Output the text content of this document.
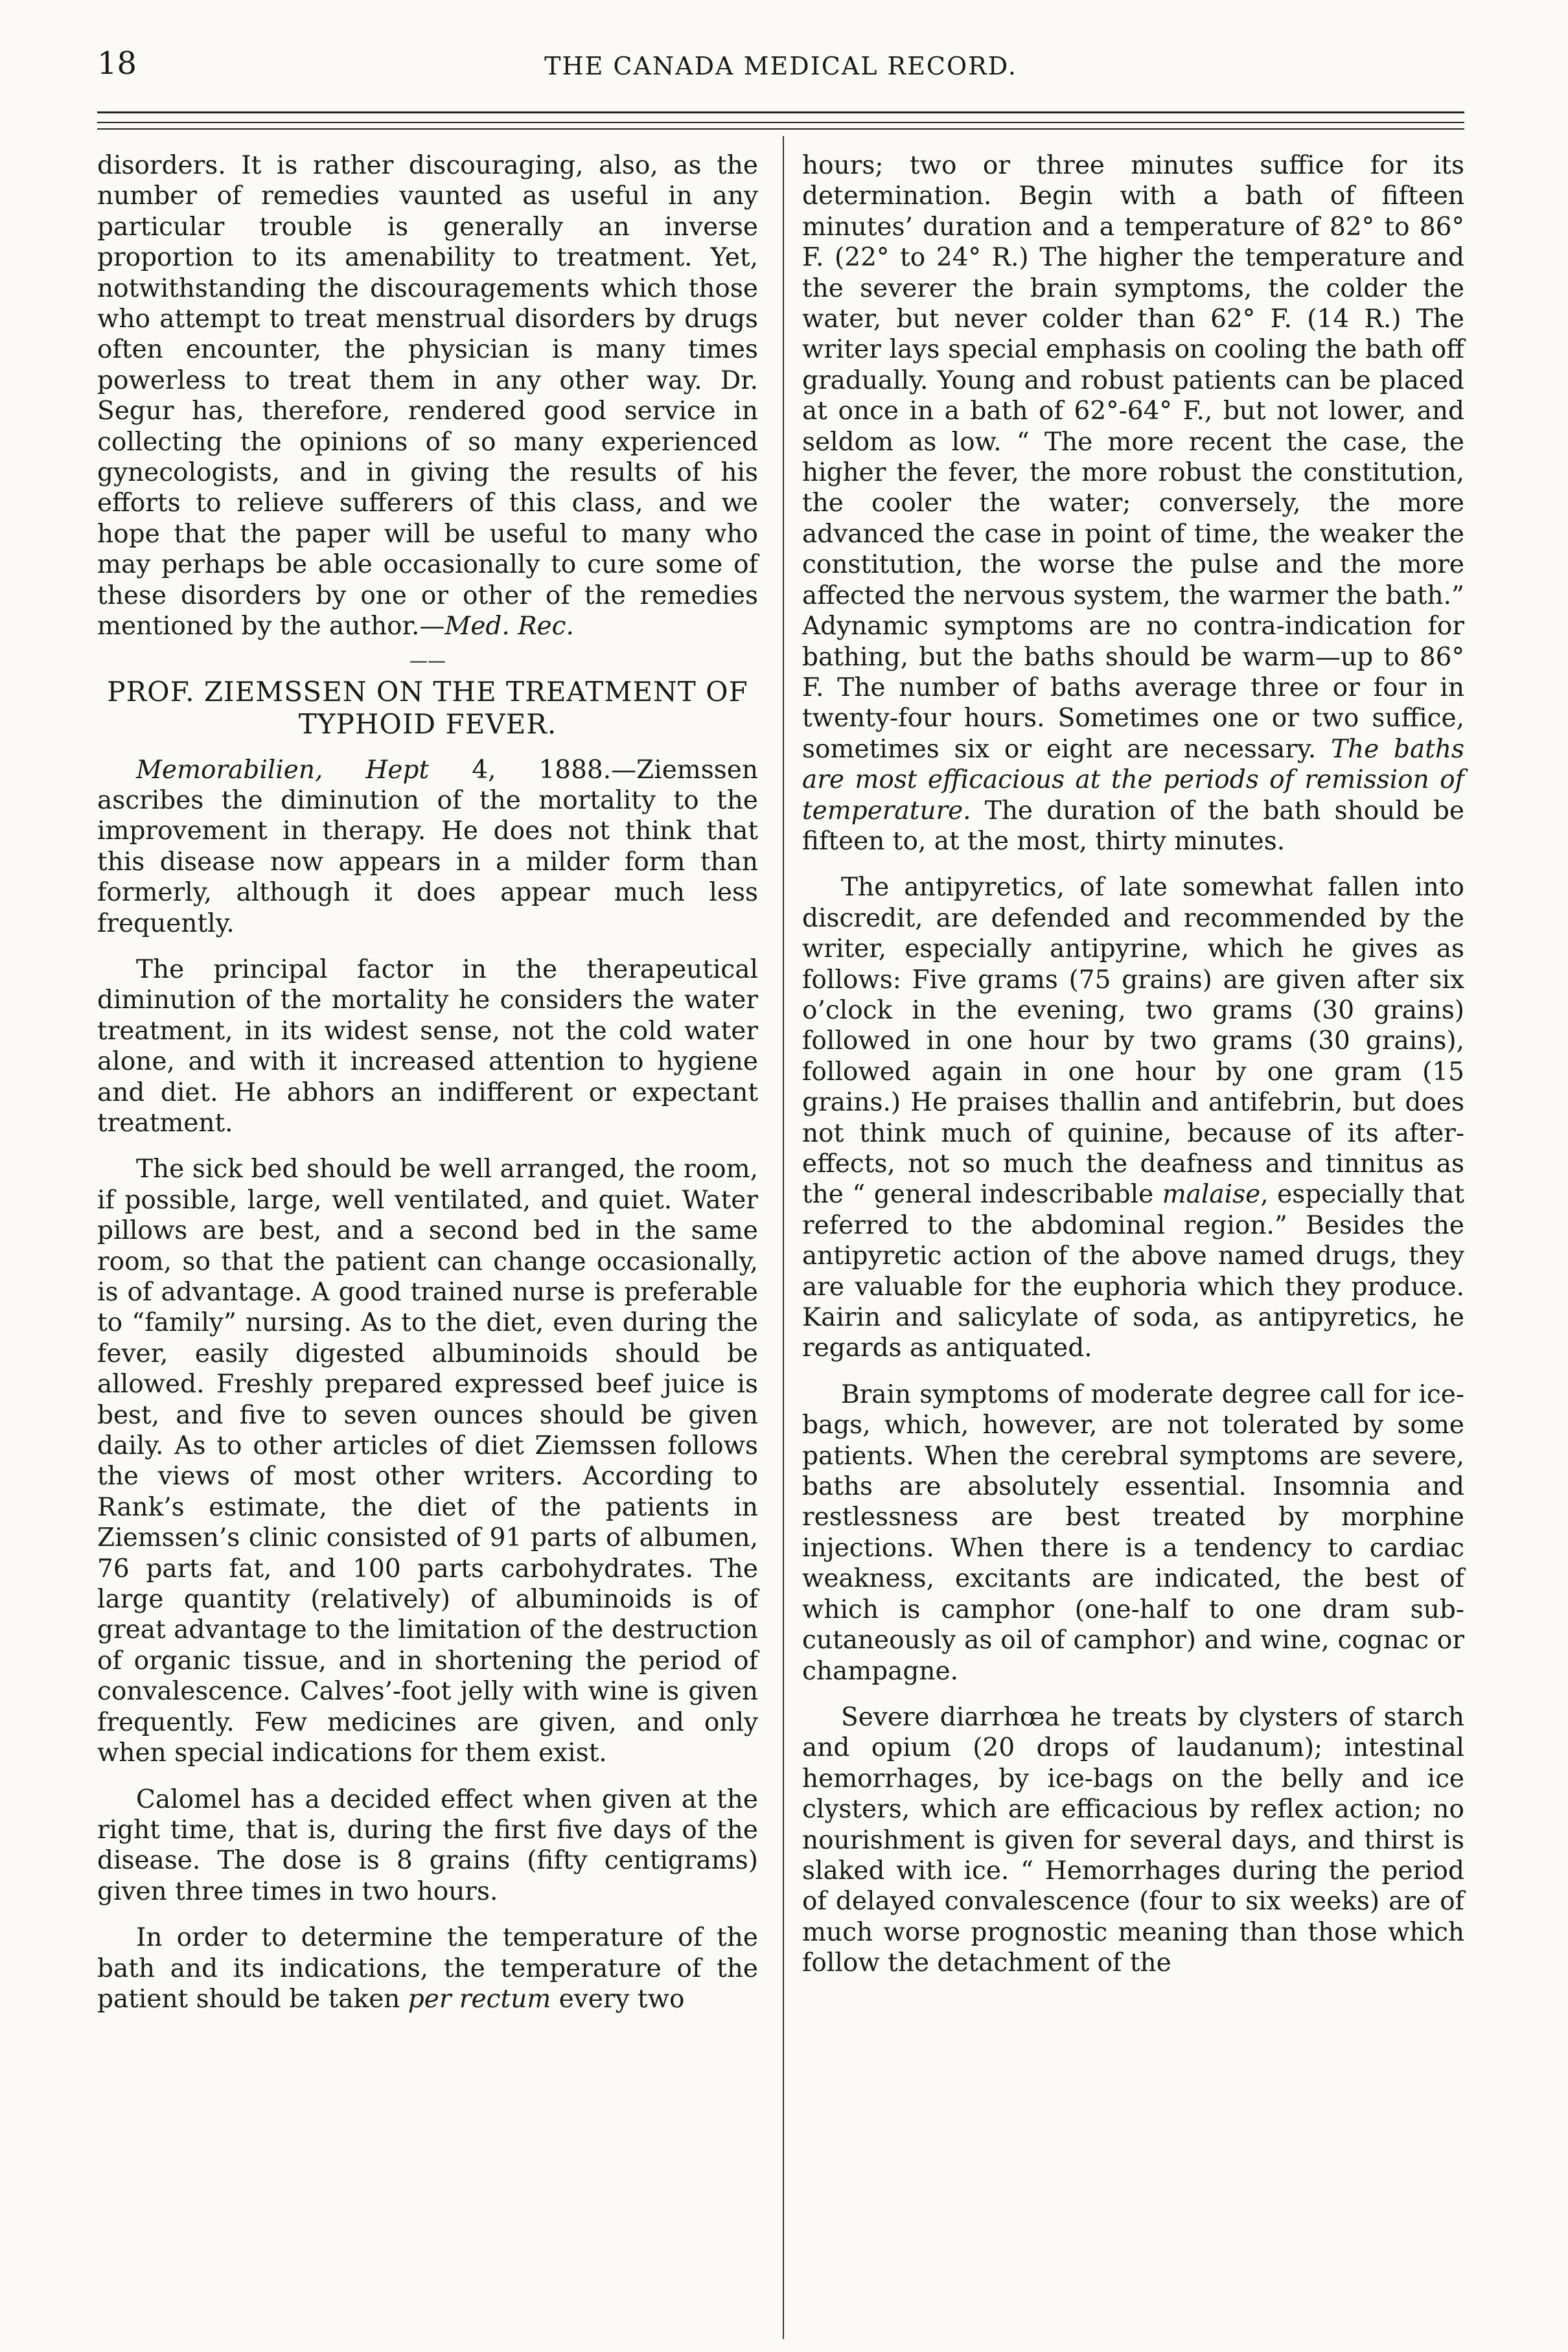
18	THE CANADA MEDICAL RECORD.

disorders. It is rather discouraging, also, as the number of remedies vaunted as useful in any particular trouble is generally an inverse proportion to its amenability to treatment. Yet, notwithstanding the discouragements which those who attempt to treat menstrual disorders by drugs often encounter, the physician is many times powerless to treat them in any other way. Dr. Segur has, therefore, rendered good service in collecting the opinions of so many experienced gynecologists, and in giving the results of his efforts to relieve sufferers of this class, and we hope that the paper will be useful to many who may perhaps be able occasionally to cure some of these disorders by one or other of the remedies mentioned by the author.—Med. Rec.

——
PROF. ZIEMSSEN ON THE TREATMENT OF TYPHOID FEVER.

Memorabilien, Hept 4, 1888.—Ziemssen ascribes the diminution of the mortality to the improvement in therapy. He does not think that this disease now appears in a milder form than formerly, although it does appear much less frequently.

The principal factor in the therapeutical diminution of the mortality he considers the water treatment, in its widest sense, not the cold water alone, and with it increased attention to hygiene and diet. He abhors an indifferent or expectant treatment.

The sick bed should be well arranged, the room, if possible, large, well ventilated, and quiet. Water pillows are best, and a second bed in the same room, so that the patient can change occasionally, is of advantage. A good trained nurse is preferable to “family” nursing. As to the diet, even during the fever, easily digested albuminoids should be allowed. Freshly prepared expressed beef juice is best, and five to seven ounces should be given daily. As to other articles of diet Ziemssen follows the views of most other writers. According to Rank’s estimate, the diet of the patients in Ziemssen’s clinic consisted of 91 parts of albumen, 76 parts fat, and 100 parts carbohydrates. The large quantity (relatively) of albuminoids is of great advantage to the limitation of the destruction of organic tissue, and in shortening the period of convalescence. Calves’-foot jelly with wine is given frequently. Few medicines are given, and only when special indications for them exist.

Calomel has a decided effect when given at the right time, that is, during the first five days of the disease. The dose is 8 grains (fifty centigrams) given three times in two hours.

In order to determine the temperature of the bath and its indications, the temperature of the patient should be taken per rectum every two

hours; two or three minutes suffice for its determination. Begin with a bath of fifteen minutes’ duration and a temperature of 82° to 86° F. (22° to 24° R.) The higher the temperature and the severer the brain symptoms, the colder the water, but never colder than 62° F. (14 R.) The writer lays special emphasis on cooling the bath off gradually. Young and robust patients can be placed at once in a bath of 62°-64° F., but not lower, and seldom as low. “ The more recent the case, the higher the fever, the more robust the constitution, the cooler the water; conversely, the more advanced the case in point of time, the weaker the constitution, the worse the pulse and the more affected the nervous system, the warmer the bath.” Adynamic symptoms are no contra-indication for bathing, but the baths should be warm—up to 86° F. The number of baths average three or four in twenty-four hours. Sometimes one or two suffice, sometimes six or eight are necessary. The baths are most efficacious at the periods of remission of temperature. The duration of the bath should be fifteen to, at the most, thirty minutes.

The antipyretics, of late somewhat fallen into discredit, are defended and recommended by the writer, especially antipyrine, which he gives as follows: Five grams (75 grains) are given after six o’clock in the evening, two grams (30 grains) followed in one hour by two grams (30 grains), followed again in one hour by one gram (15 grains.) He praises thallin and antifebrin, but does not think much of quinine, because of its after-effects, not so much the deafness and tinnitus as the “ general indescribable malaise, especially that referred to the abdominal region.” Besides the antipyretic action of the above named drugs, they are valuable for the euphoria which they produce. Kairin and salicylate of soda, as antipyretics, he regards as antiquated.

Brain symptoms of moderate degree call for ice-bags, which, however, are not tolerated by some patients. When the cerebral symptoms are severe, baths are absolutely essential. Insomnia and restlessness are best treated by morphine injections. When there is a tendency to cardiac weakness, excitants are indicated, the best of which is camphor (one-half to one dram sub-cutaneously as oil of camphor) and wine, cognac or champagne.

Severe diarrhœa he treats by clysters of starch and opium (20 drops of laudanum); intestinal hemorrhages, by ice-bags on the belly and ice clysters, which are efficacious by reflex action; no nourishment is given for several days, and thirst is slaked with ice. “ Hemorrhages during the period of delayed convalescence (four to six weeks) are of much worse prognostic meaning than those which follow the detachment of the
